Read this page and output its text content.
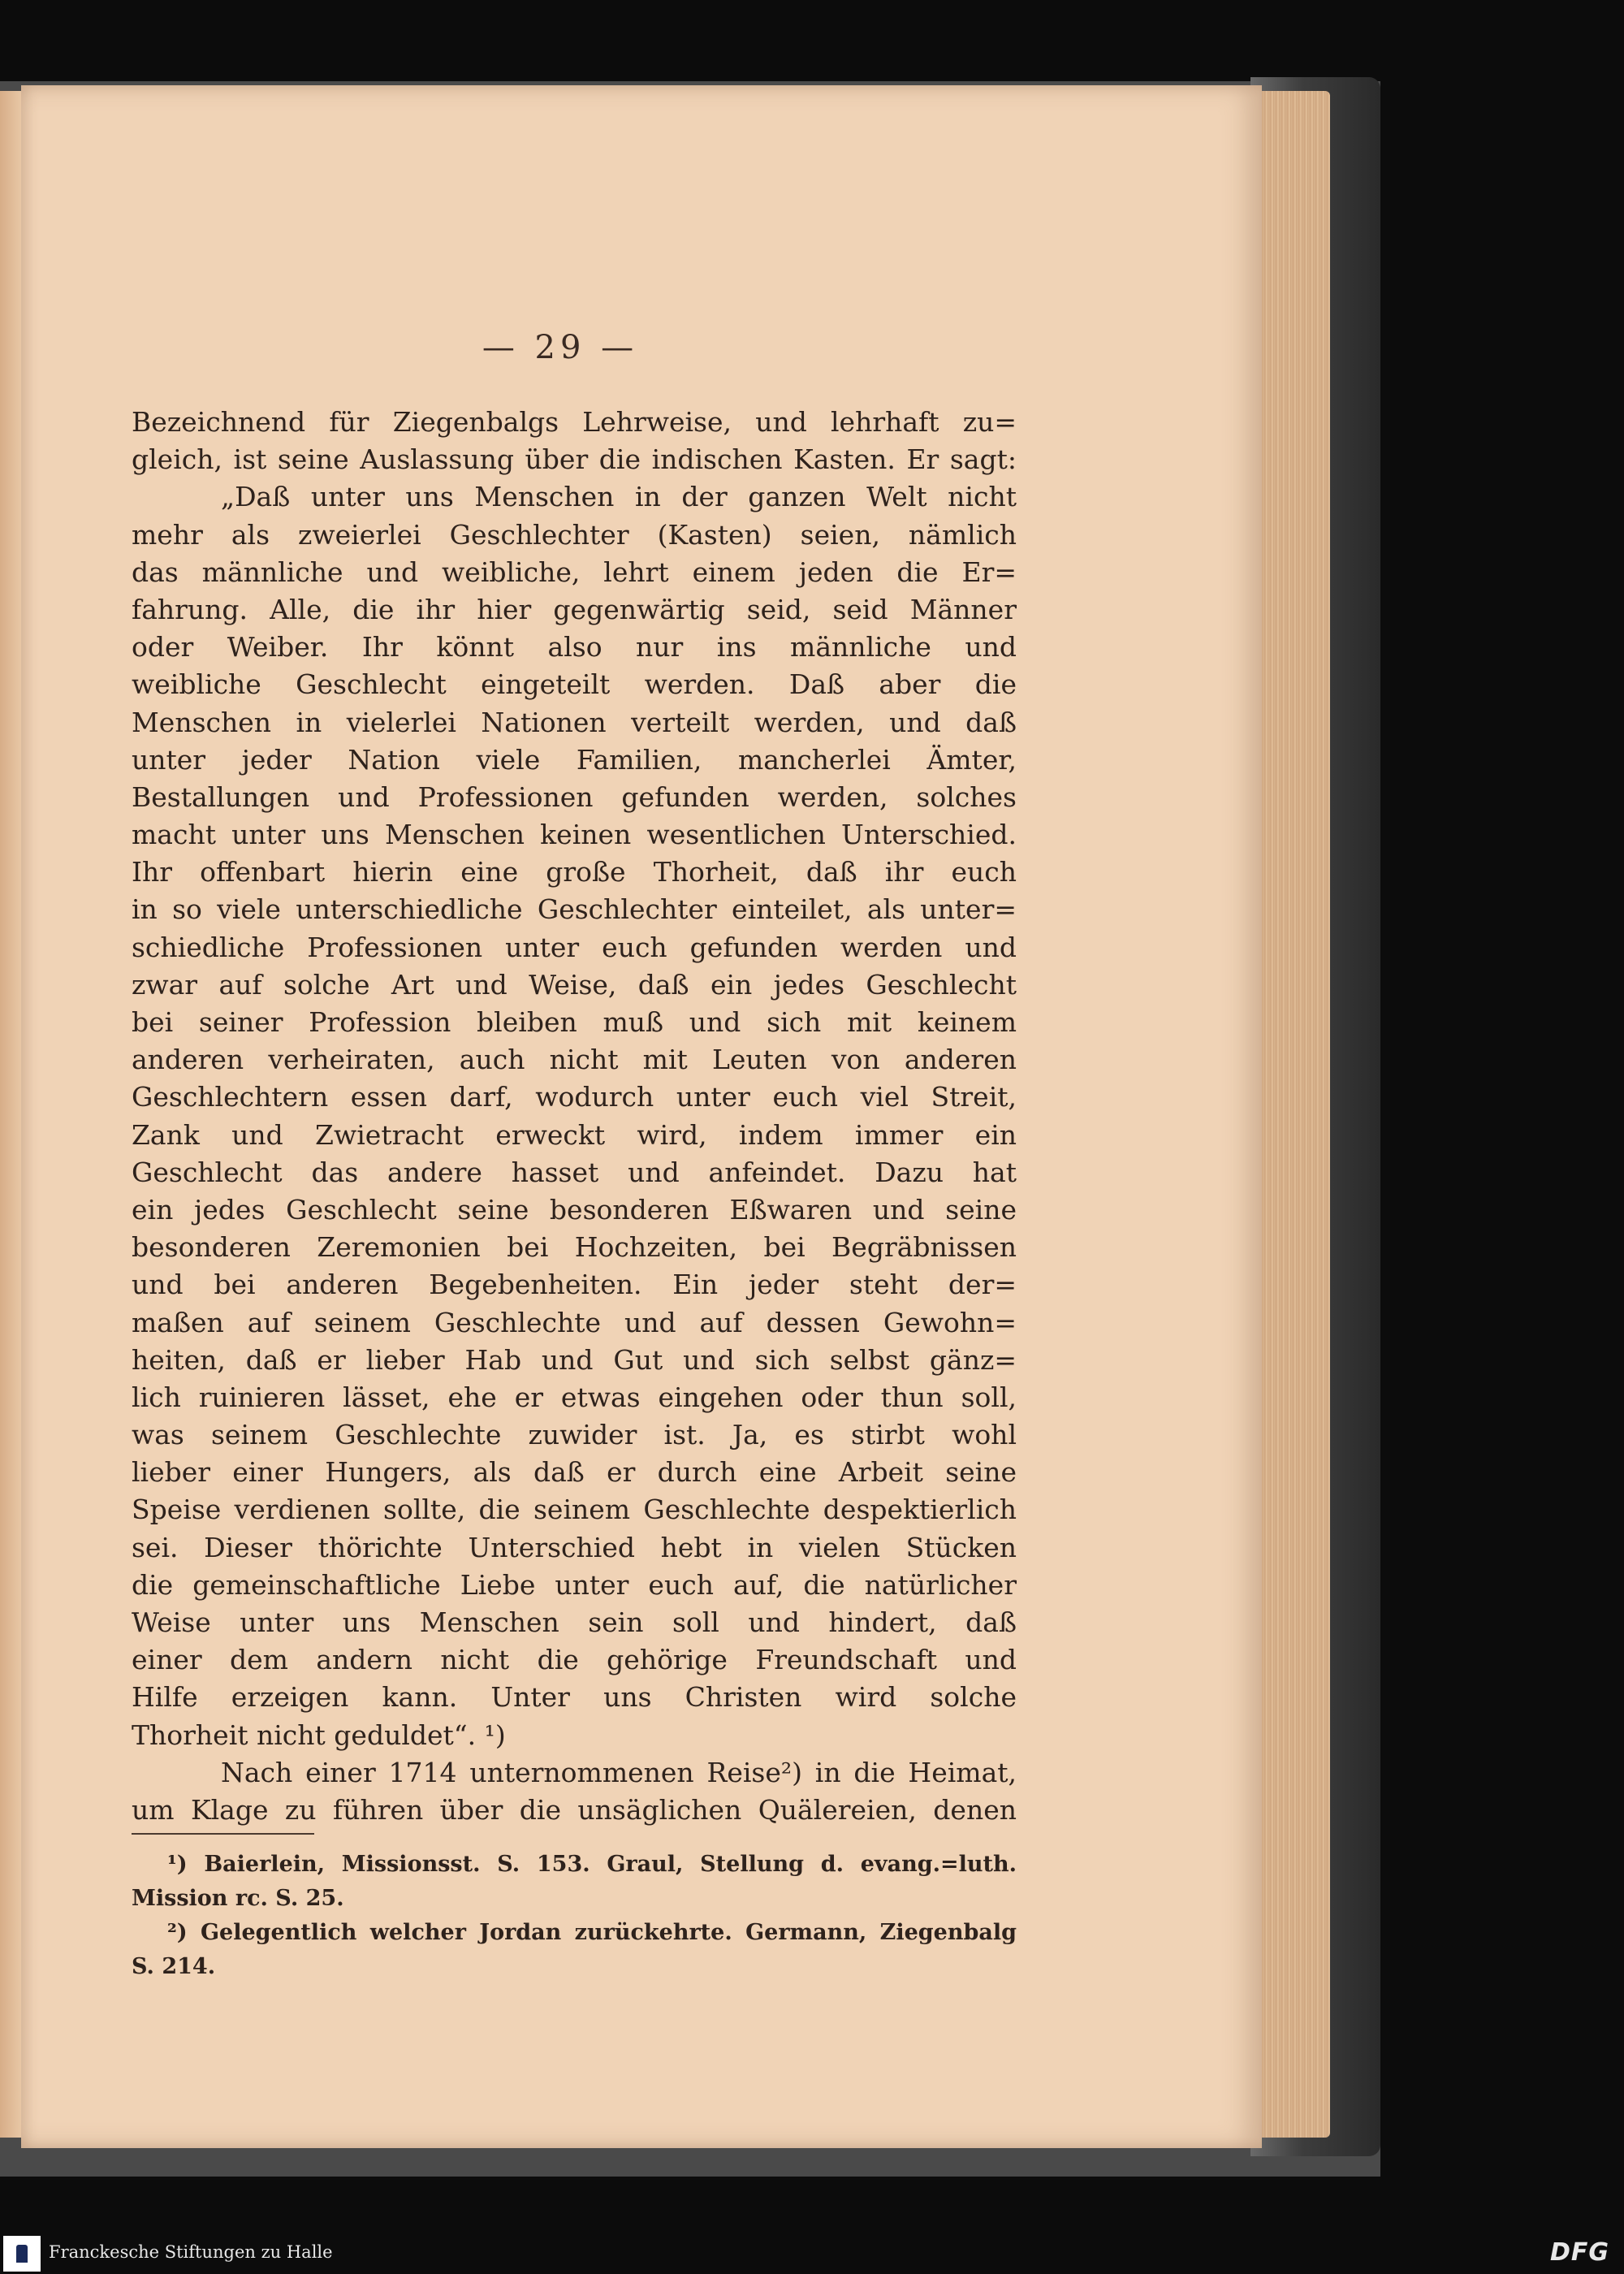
— 29 —
Bezeichnend für Ziegenbalgs Lehrweise, und lehrhaft zu=
gleich, ist seine Auslassung über die indischen Kasten. Er sagt:
„Daß unter uns Menschen in der ganzen Welt nicht
mehr als zweierlei Geschlechter (Kasten) seien, nämlich
das männliche und weibliche, lehrt einem jeden die Er=
fahrung. Alle, die ihr hier gegenwärtig seid, seid Männer
oder Weiber. Ihr könnt also nur ins männliche und
weibliche Geschlecht eingeteilt werden. Daß aber die
Menschen in vielerlei Nationen verteilt werden, und daß
unter jeder Nation viele Familien, mancherlei Ämter,
Bestallungen und Professionen gefunden werden, solches
macht unter uns Menschen keinen wesentlichen Unterschied.
Ihr offenbart hierin eine große Thorheit, daß ihr euch
in so viele unterschiedliche Geschlechter einteilet, als unter=
schiedliche Professionen unter euch gefunden werden und
zwar auf solche Art und Weise, daß ein jedes Geschlecht
bei seiner Profession bleiben muß und sich mit keinem
anderen verheiraten, auch nicht mit Leuten von anderen
Geschlechtern essen darf, wodurch unter euch viel Streit,
Zank und Zwietracht erweckt wird, indem immer ein
Geschlecht das andere hasset und anfeindet. Dazu hat
ein jedes Geschlecht seine besonderen Eßwaren und seine
besonderen Zeremonien bei Hochzeiten, bei Begräbnissen
und bei anderen Begebenheiten. Ein jeder steht der=
maßen auf seinem Geschlechte und auf dessen Gewohn=
heiten, daß er lieber Hab und Gut und sich selbst gänz=
lich ruinieren lässet, ehe er etwas eingehen oder thun soll,
was seinem Geschlechte zuwider ist. Ja, es stirbt wohl
lieber einer Hungers, als daß er durch eine Arbeit seine
Speise verdienen sollte, die seinem Geschlechte despektierlich
sei. Dieser thörichte Unterschied hebt in vielen Stücken
die gemeinschaftliche Liebe unter euch auf, die natürlicher
Weise unter uns Menschen sein soll und hindert, daß
einer dem andern nicht die gehörige Freundschaft und
Hilfe erzeigen kann. Unter uns Christen wird solche
Thorheit nicht geduldet“. ¹)
Nach einer 1714 unternommenen Reise²) in die Heimat,
um Klage zu führen über die unsäglichen Quälereien, denen
¹) Baierlein, Missionsst. S. 153. Graul, Stellung d. evang.=luth.
Mission rc. S. 25.
²) Gelegentlich welcher Jordan zurückehrte. Germann, Ziegenbalg
S. 214.
Franckesche Stiftungen zu Halle	DFG
